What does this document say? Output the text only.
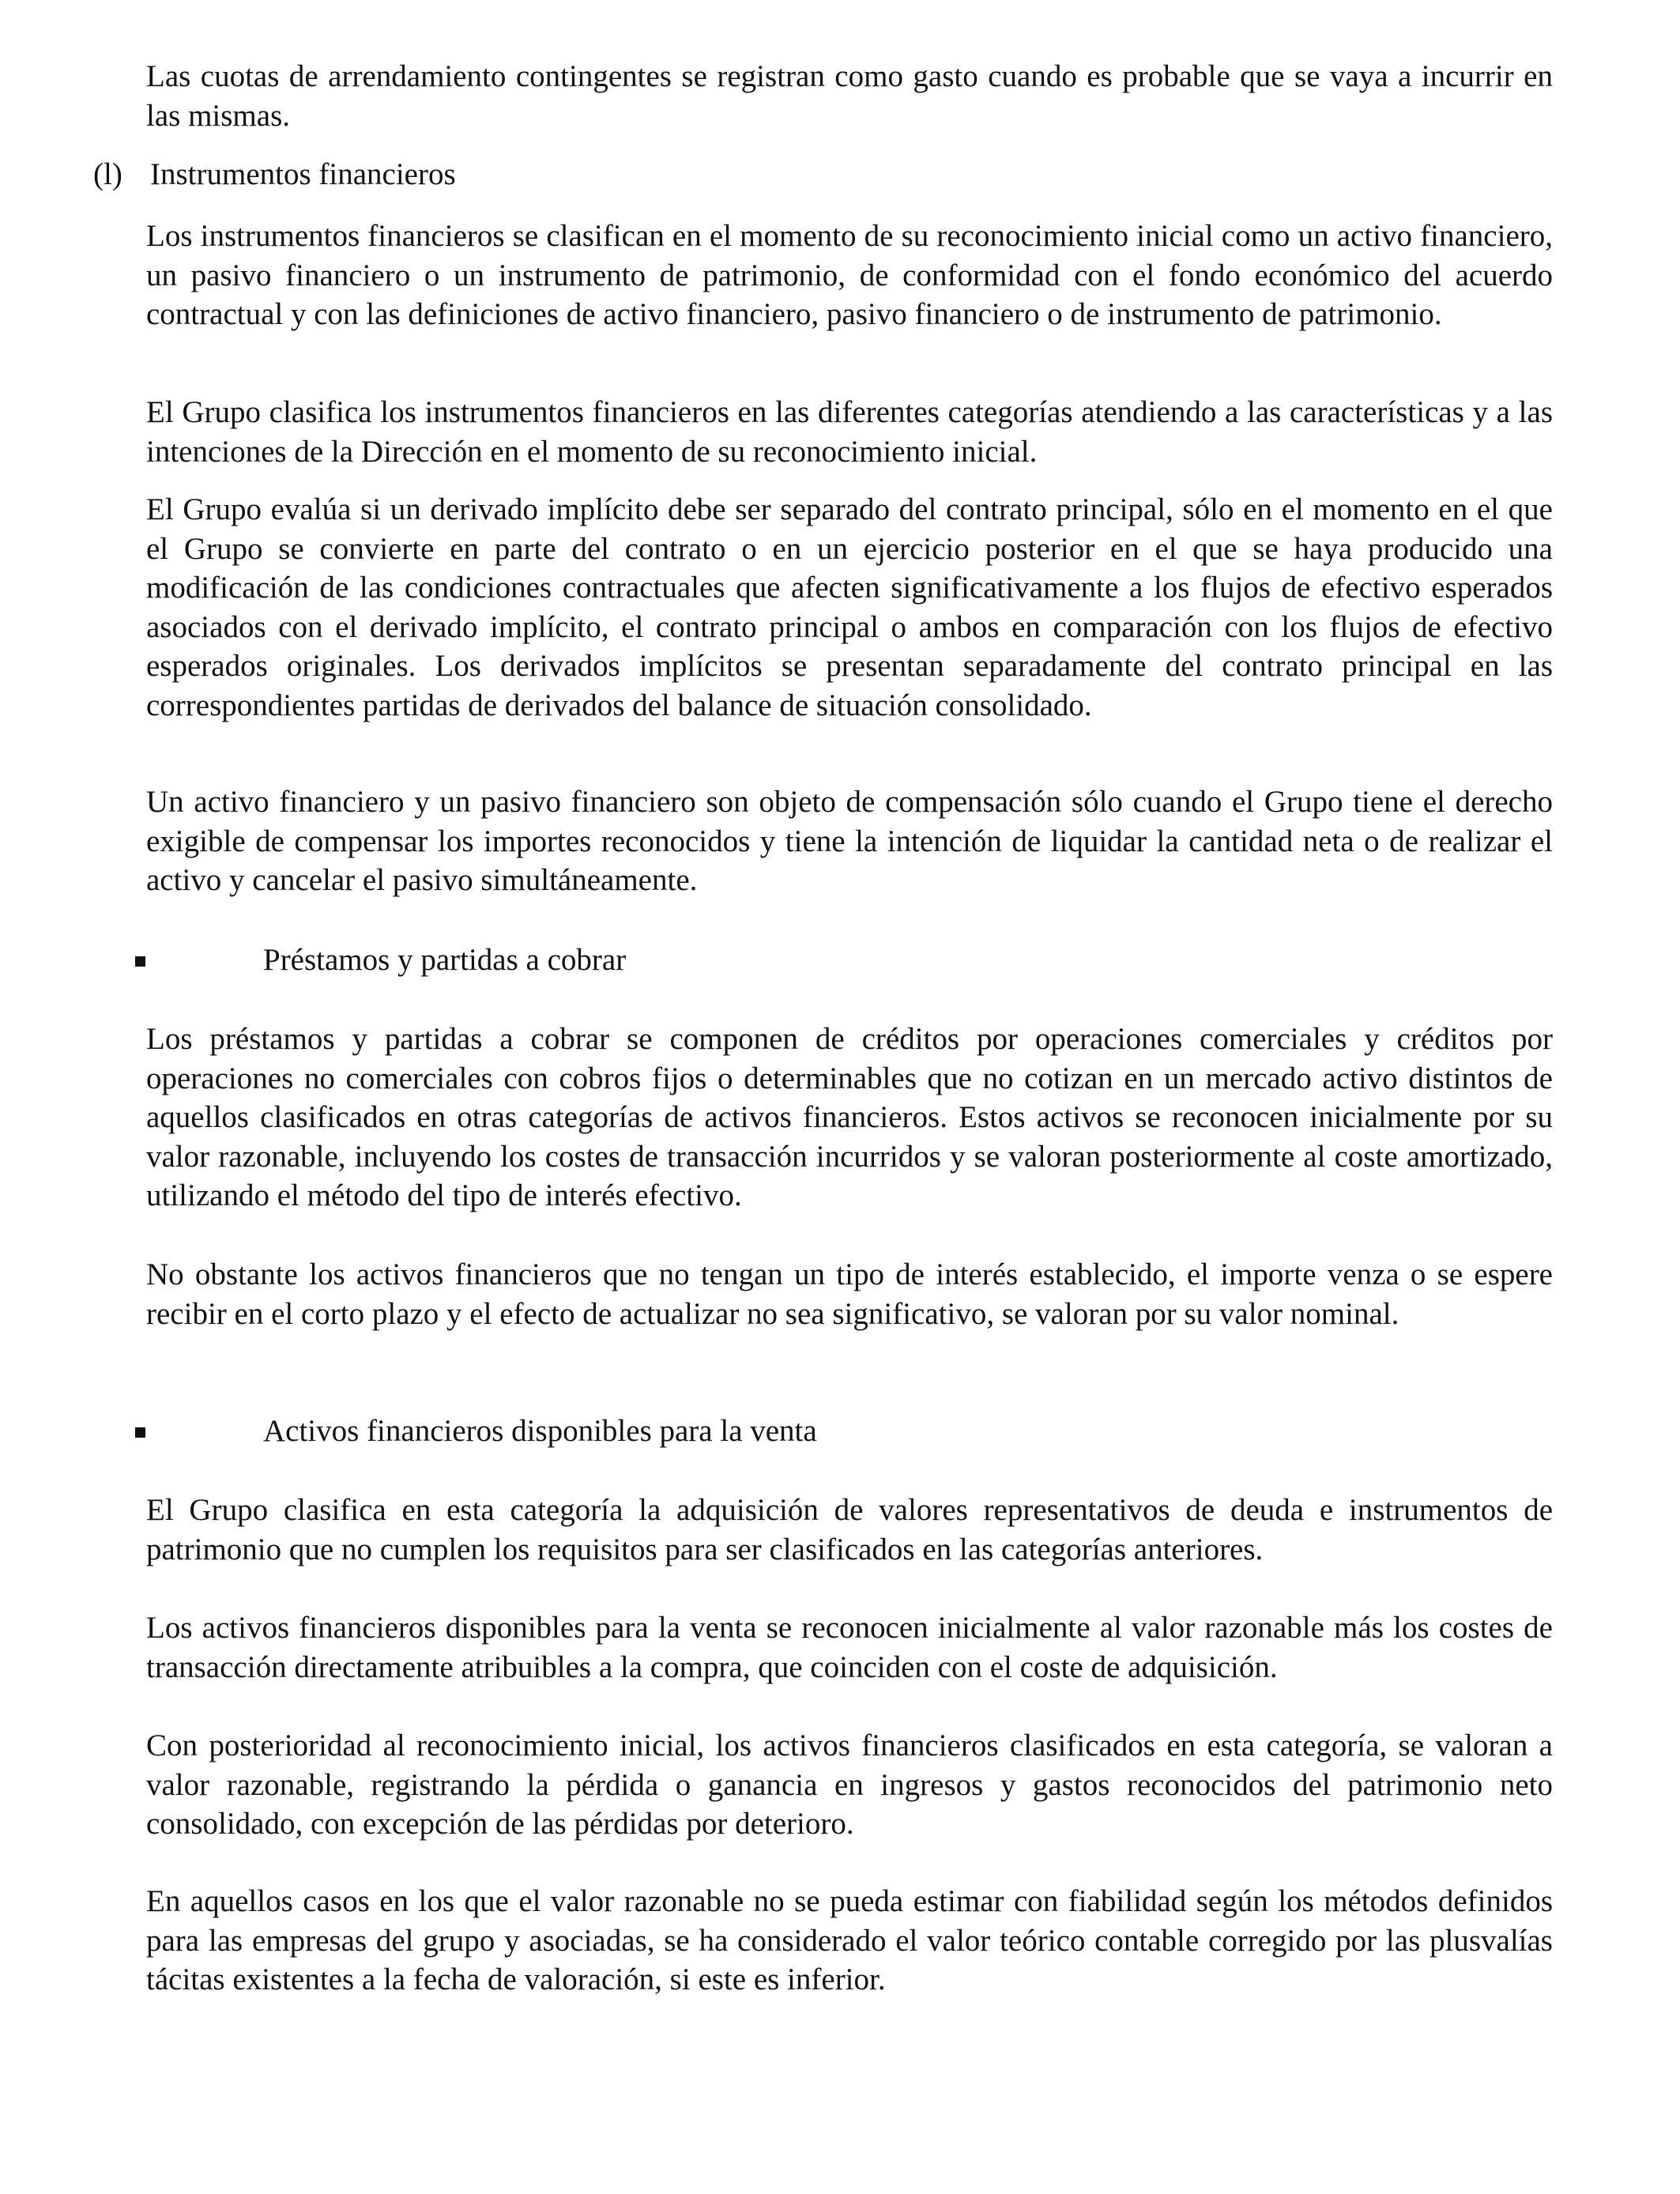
Las cuotas de arrendamiento contingentes se registran como gasto cuando es probable que se vaya a incurrir en las mismas.

(l) Instrumentos financieros

Los instrumentos financieros se clasifican en el momento de su reconocimiento inicial como un activo financiero, un pasivo financiero o un instrumento de patrimonio, de conformidad con el fondo económico del acuerdo contractual y con las definiciones de activo financiero, pasivo financiero o de instrumento de patrimonio.

El Grupo clasifica los instrumentos financieros en las diferentes categorías atendiendo a las características y a las intenciones de la Dirección en el momento de su reconocimiento inicial.

El Grupo evalúa si un derivado implícito debe ser separado del contrato principal, sólo en el momento en el que el Grupo se convierte en parte del contrato o en un ejercicio posterior en el que se haya producido una modificación de las condiciones contractuales que afecten significativamente a los flujos de efectivo esperados asociados con el derivado implícito, el contrato principal o ambos en comparación con los flujos de efectivo esperados originales. Los derivados implícitos se presentan separadamente del contrato principal en las correspondientes partidas de derivados del balance de situación consolidado.

Un activo financiero y un pasivo financiero son objeto de compensación sólo cuando el Grupo tiene el derecho exigible de compensar los importes reconocidos y tiene la intención de liquidar la cantidad neta o de realizar el activo y cancelar el pasivo simultáneamente.

Préstamos y partidas a cobrar

Los préstamos y partidas a cobrar se componen de créditos por operaciones comerciales y créditos por operaciones no comerciales con cobros fijos o determinables que no cotizan en un mercado activo distintos de aquellos clasificados en otras categorías de activos financieros. Estos activos se reconocen inicialmente por su valor razonable, incluyendo los costes de transacción incurridos y se valoran posteriormente al coste amortizado, utilizando el método del tipo de interés efectivo.

No obstante los activos financieros que no tengan un tipo de interés establecido, el importe venza o se espere recibir en el corto plazo y el efecto de actualizar no sea significativo, se valoran por su valor nominal.

Activos financieros disponibles para la venta

El Grupo clasifica en esta categoría la adquisición de valores representativos de deuda e instrumentos de patrimonio que no cumplen los requisitos para ser clasificados en las categorías anteriores.

Los activos financieros disponibles para la venta se reconocen inicialmente al valor razonable más los costes de transacción directamente atribuibles a la compra, que coinciden con el coste de adquisición.

Con posterioridad al reconocimiento inicial, los activos financieros clasificados en esta categoría, se valoran a valor razonable, registrando la pérdida o ganancia en ingresos y gastos reconocidos del patrimonio neto consolidado, con excepción de las pérdidas por deterioro.

En aquellos casos en los que el valor razonable no se pueda estimar con fiabilidad según los métodos definidos para las empresas del grupo y asociadas, se ha considerado el valor teórico contable corregido por las plusvalías tácitas existentes a la fecha de valoración, si este es inferior.
